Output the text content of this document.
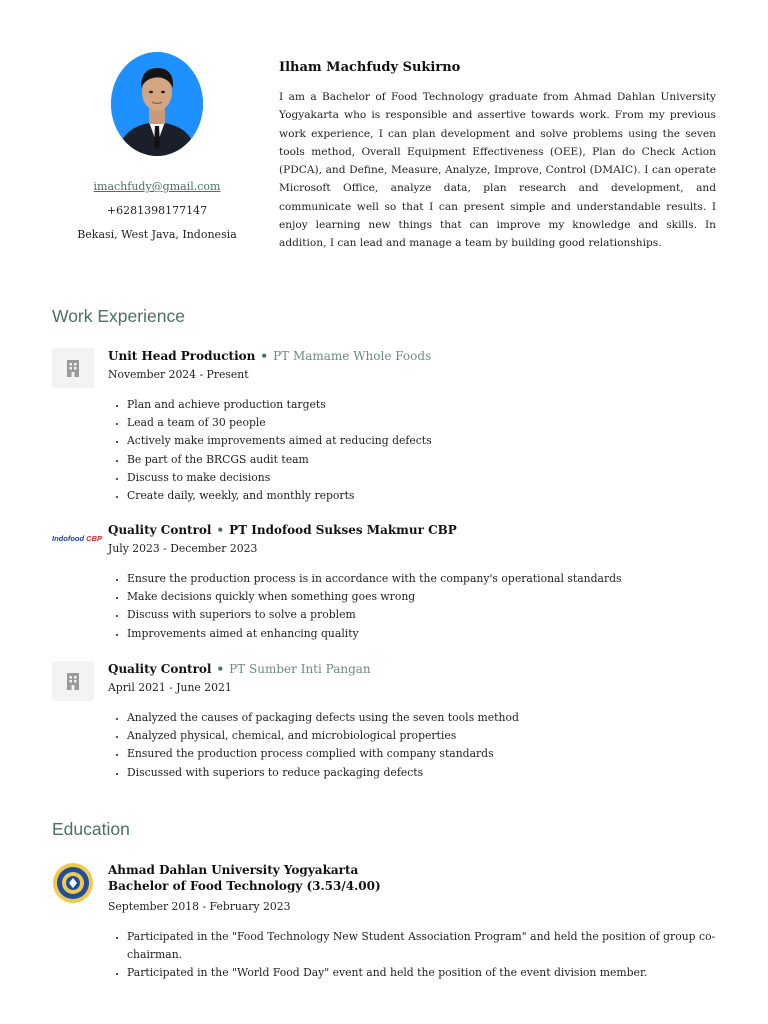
imachfudy@gmail.com
+6281398177147
Bekasi, West Java, Indonesia
Ilham Machfudy Sukirno

I am a Bachelor of Food Technology graduate from Ahmad Dahlan University Yogyakarta who is responsible and assertive towards work. From my previous work experience, I can plan development and solve problems using the seven tools method, Overall Equipment Effectiveness (OEE), Plan do Check Action (PDCA), and Define, Measure, Analyze, Improve, Control (DMAIC). I can operate Microsoft Office, analyze data, plan research and development, and communicate well so that I can present simple and understandable results. I enjoy learning new things that can improve my knowledge and skills. In addition, I can lead and manage a team by building good relationships.

Work Experience
Unit Head Production • PT Mamame Whole Foods
November 2024 - Present
• Plan and achieve production targets
• Lead a team of 30 people
• Actively make improvements aimed at reducing defects
• Be part of the BRCGS audit team
• Discuss to make decisions
• Create daily, weekly, and monthly reports
Indofood CBP
Quality Control • PT Indofood Sukses Makmur CBP
July 2023 - December 2023
• Ensure the production process is in accordance with the company's operational standards
• Make decisions quickly when something goes wrong
• Discuss with superiors to solve a problem
• Improvements aimed at enhancing quality
Quality Control • PT Sumber Inti Pangan
April 2021 - June 2021
• Analyzed the causes of packaging defects using the seven tools method
• Analyzed physical, chemical, and microbiological properties
• Ensured the production process complied with company standards
• Discussed with superiors to reduce packaging defects
Education
Ahmad Dahlan University Yogyakarta
Bachelor of Food Technology (3.53/4.00)
September 2018 - February 2023
• Participated in the "Food Technology New Student Association Program" and held the position of group co-chairman.
• Participated in the "World Food Day" event and held the position of the event division member.
